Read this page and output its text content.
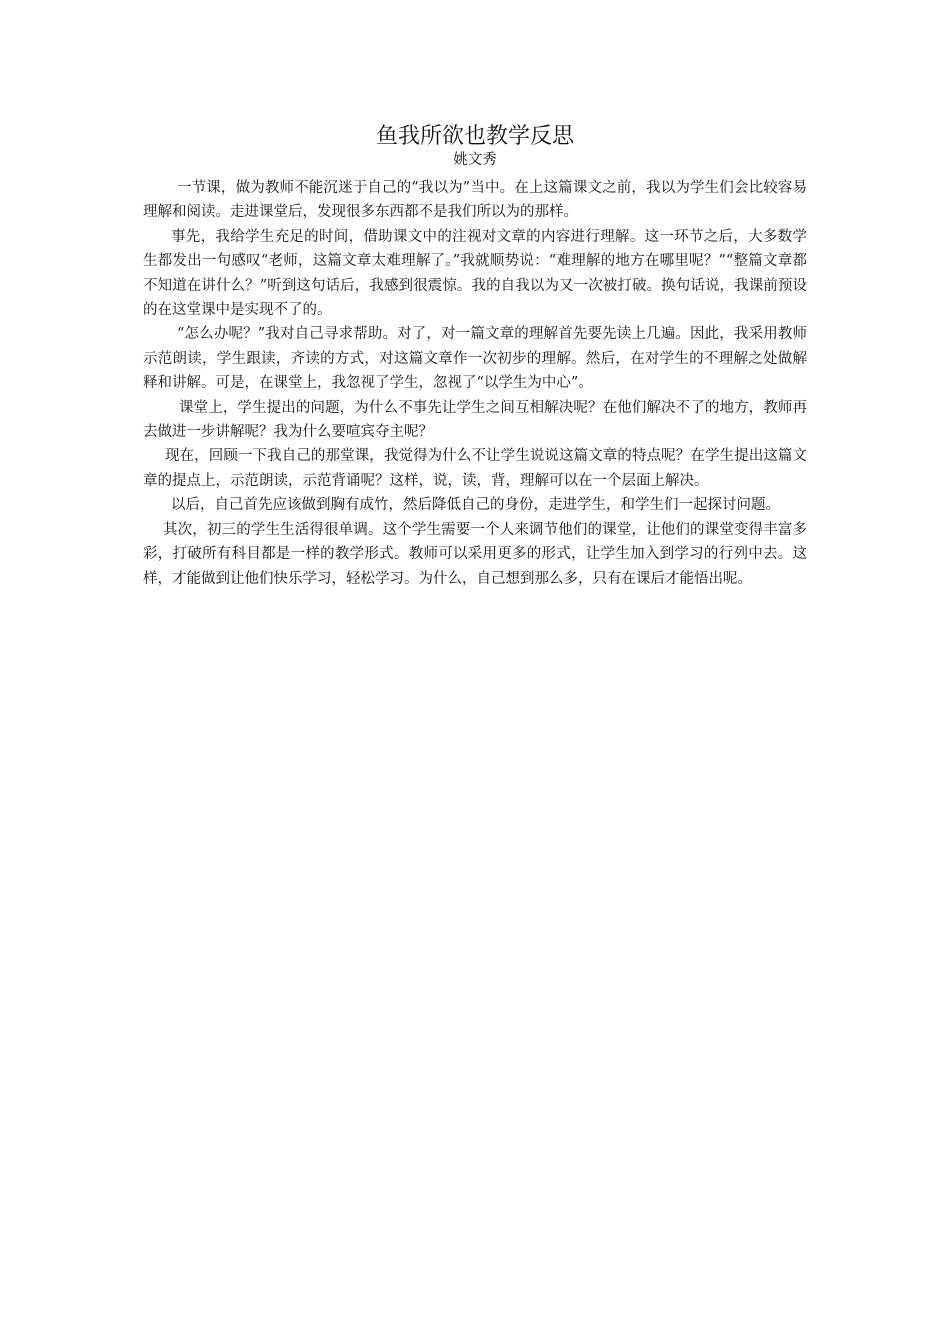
鱼我所欲也教学反思
姚文秀

一节课，做为教师不能沉迷于自己的“我以为”当中。在上这篇课文之前，我以为学生们会比较容易理解和阅读。走进课堂后，发现很多东西都不是我们所以为的那样。

事先，我给学生充足的时间，借助课文中的注视对文章的内容进行理解。这一环节之后，大多数学生都发出一句感叹“老师，这篇文章太难理解了。”我就顺势说：“难理解的地方在哪里呢？”“整篇文章都不知道在讲什么？”听到这句话后，我感到很震惊。我的自我以为又一次被打破。换句话说，我课前预设的在这堂课中是实现不了的。

“怎么办呢？”我对自己寻求帮助。对了，对一篇文章的理解首先要先读上几遍。因此，我采用教师示范朗读，学生跟读，齐读的方式，对这篇文章作一次初步的理解。然后，在对学生的不理解之处做解释和讲解。可是，在课堂上，我忽视了学生，忽视了“以学生为中心”。

课堂上，学生提出的问题，为什么不事先让学生之间互相解决呢？在他们解决不了的地方，教师再去做进一步讲解呢？我为什么要喧宾夺主呢？

现在，回顾一下我自己的那堂课，我觉得为什么不让学生说说这篇文章的特点呢？在学生提出这篇文章的提点上，示范朗读，示范背诵呢？这样，说，读，背，理解可以在一个层面上解决。

以后，自己首先应该做到胸有成竹，然后降低自己的身份，走进学生，和学生们一起探讨问题。

其次，初三的学生生活得很单调。这个学生需要一个人来调节他们的课堂，让他们的课堂变得丰富多彩，打破所有科目都是一样的教学形式。教师可以采用更多的形式，让学生加入到学习的行列中去。这样，才能做到让他们快乐学习，轻松学习。为什么，自己想到那么多，只有在课后才能悟出呢。
